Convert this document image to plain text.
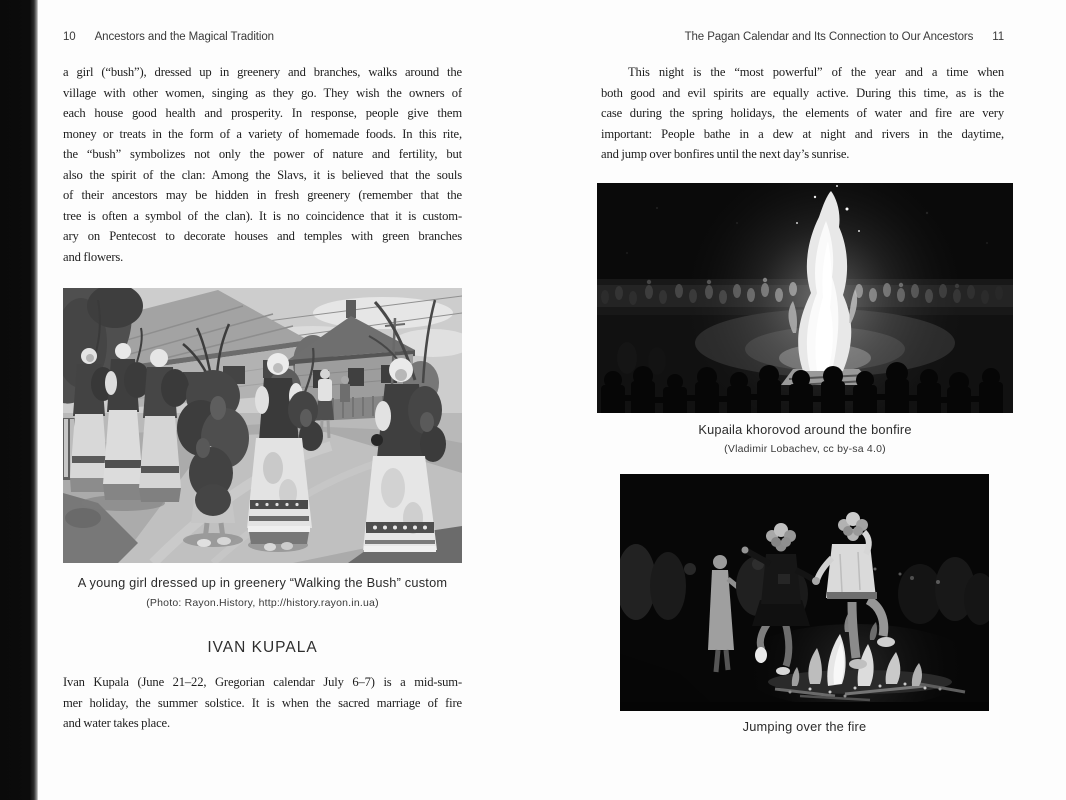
10 Ancestors and the Magical Tradition
a girl (“bush”), dressed up in greenery and branches, walks around the
village with other women, singing as they go. They wish the owners of
each house good health and prosperity. In response, people give them
money or treats in the form of a variety of homemade foods. In this rite,
the “bush” symbolizes not only the power of nature and fertility, but
also the spirit of the clan: Among the Slavs, it is believed that the souls
of their ancestors may be hidden in fresh greenery (remember that the
tree is often a symbol of the clan). It is no coincidence that it is custom-
ary on Pentecost to decorate houses and temples with green branches
and flowers.
A young girl dressed up in greenery “Walking the Bush” custom
(Photo: Rayon.History, http://history.rayon.in.ua)
IVAN KUPALA
Ivan Kupala (June 21–22, Gregorian calendar July 6–7) is a mid-sum-
mer holiday, the summer solstice. It is when the sacred marriage of fire
and water takes place.
The Pagan Calendar and Its Connection to Our Ancestors 11
This night is the “most powerful” of the year and a time when
both good and evil spirits are equally active. During this time, as is the
case during the spring holidays, the elements of water and fire are very
important: People bathe in a dew at night and rivers in the daytime,
and jump over bonfires until the next day’s sunrise.
Kupaila khorovod around the bonfire
(Vladimir Lobachev, cc by-sa 4.0)
Jumping over the fire
